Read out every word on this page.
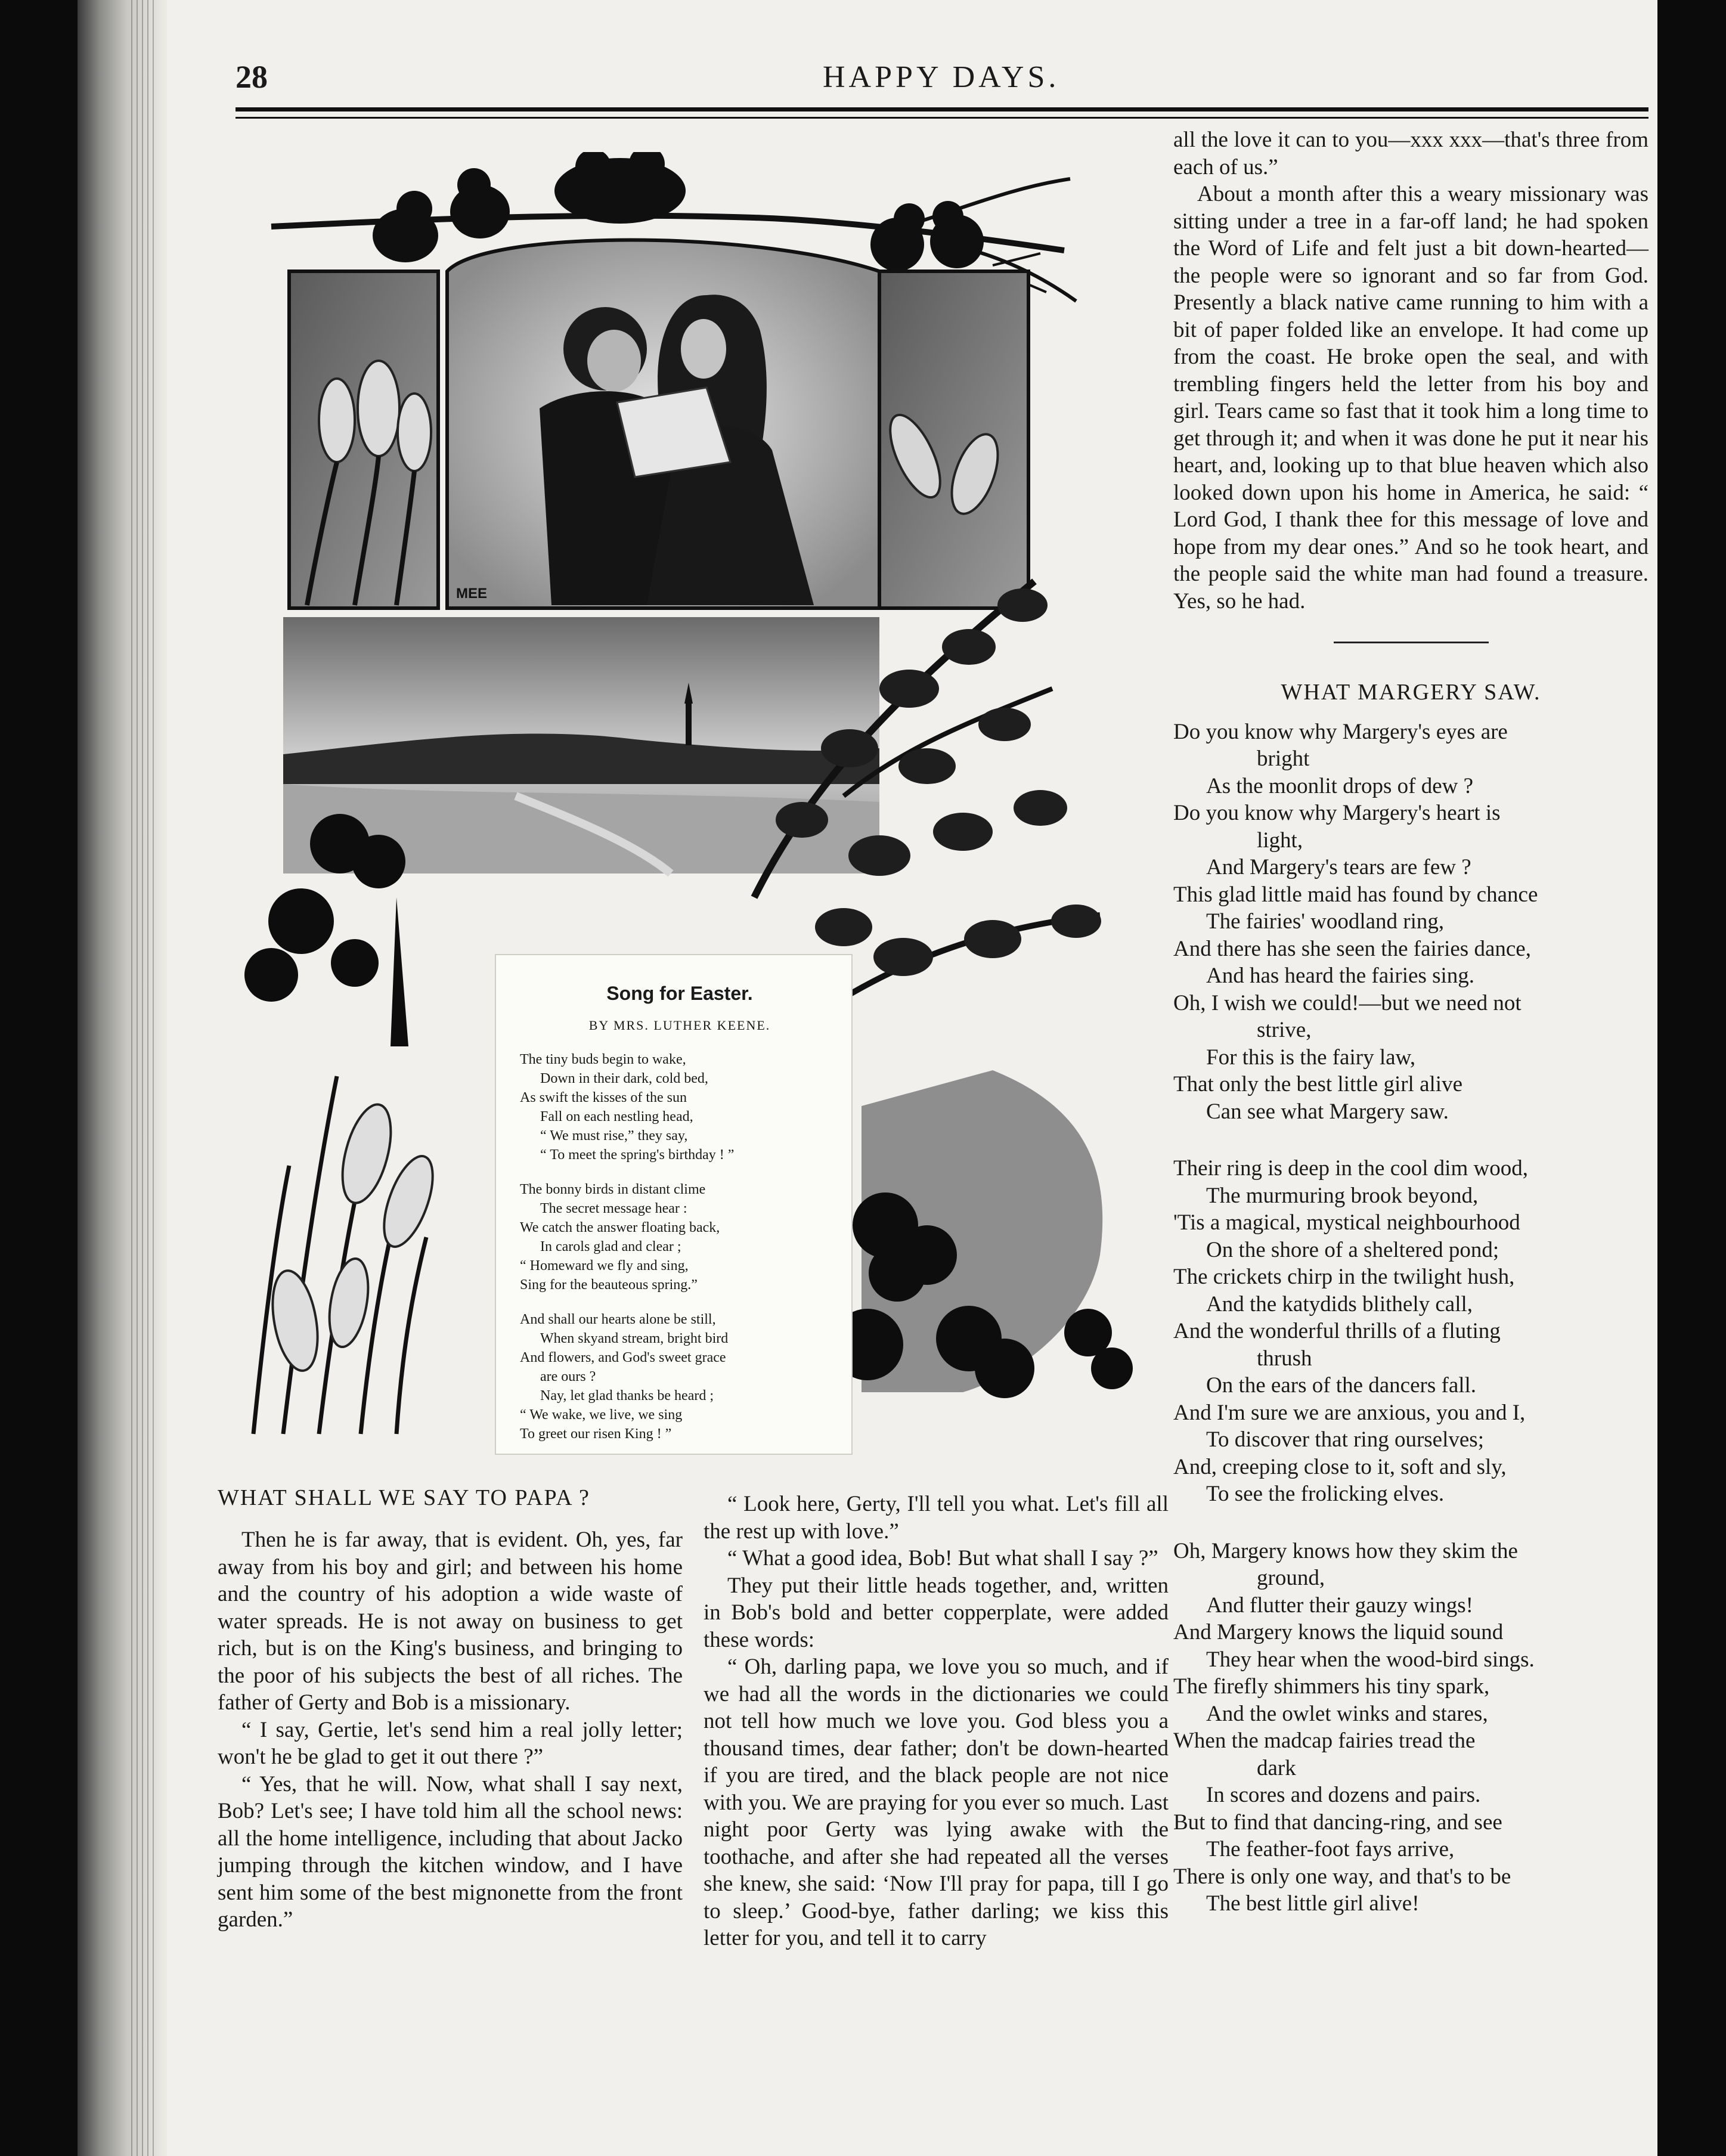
28	HAPPY DAYS.
MEE
Song for Easter.
BY MRS. LUTHER KEENE.
The tiny buds begin to wake,
Down in their dark, cold bed,
As swift the kisses of the sun
Fall on each nestling head,
“ We must rise,” they say,
“ To meet the spring's birthday ! ”
The bonny birds in distant clime
The secret message hear :
We catch the answer floating back,
In carols glad and clear ;
“ Homeward we fly and sing,
Sing for the beauteous spring.”
And shall our hearts alone be still,
When skyand stream, bright bird
And flowers, and God's sweet grace
are ours ?
Nay, let glad thanks be heard ;
“ We wake, we live, we sing
To greet our risen King ! ”
WHAT SHALL WE SAY TO PAPA ?

Then he is far away, that is evident. Oh, yes, far away from his boy and girl; and between his home and the country of his adoption a wide waste of water spreads. He is not away on business to get rich, but is on the King's business, and bringing to the poor of his subjects the best of all riches. The father of Gerty and Bob is a missionary.

“ I say, Gertie, let's send him a real jolly letter; won't he be glad to get it out there ?”

“ Yes, that he will. Now, what shall I say next, Bob? Let's see; I have told him all the school news: all the home intelligence, including that about Jacko jumping through the kitchen window, and I have sent him some of the best mignonette from the front garden.”

“ Look here, Gerty, I'll tell you what. Let's fill all the rest up with love.”

“ What a good idea, Bob! But what shall I say ?”

They put their little heads together, and, written in Bob's bold and better copperplate, were added these words:

“ Oh, darling papa, we love you so much, and if we had all the words in the dictionaries we could not tell how much we love you. God bless you a thousand times, dear father; don't be down-hearted if you are tired, and the black people are not nice with you. We are praying for you ever so much. Last night poor Gerty was lying awake with the toothache, and after she had repeated all the verses she knew, she said: ‘Now I'll pray for papa, till I go to sleep.’ Good-bye, father darling; we kiss this letter for you, and tell it to carry

all the love it can to you—xxx xxx—that's three from each of us.”

About a month after this a weary missionary was sitting under a tree in a far-off land; he had spoken the Word of Life and felt just a bit down-hearted—the people were so ignorant and so far from God. Presently a black native came running to him with a bit of paper folded like an envelope. It had come up from the coast. He broke open the seal, and with trembling fingers held the letter from his boy and girl. Tears came so fast that it took him a long time to get through it; and when it was done he put it near his heart, and, looking up to that blue heaven which also looked down upon his home in America, he said: “ Lord God, I thank thee for this message of love and hope from my dear ones.” And so he took heart, and the people said the white man had found a treasure. Yes, so he had.

WHAT MARGERY SAW.
Do you know why Margery's eyes are
bright
As the moonlit drops of dew ?
Do you know why Margery's heart is
light,
And Margery's tears are few ?
This glad little maid has found by chance
The fairies' woodland ring,
And there has she seen the fairies dance,
And has heard the fairies sing.
Oh, I wish we could!—but we need not
strive,
For this is the fairy law,
That only the best little girl alive
Can see what Margery saw.
Their ring is deep in the cool dim wood,
The murmuring brook beyond,
'Tis a magical, mystical neighbourhood
On the shore of a sheltered pond;
The crickets chirp in the twilight hush,
And the katydids blithely call,
And the wonderful thrills of a fluting
thrush
On the ears of the dancers fall.
And I'm sure we are anxious, you and I,
To discover that ring ourselves;
And, creeping close to it, soft and sly,
To see the frolicking elves.
Oh, Margery knows how they skim the
ground,
And flutter their gauzy wings!
And Margery knows the liquid sound
They hear when the wood-bird sings.
The firefly shimmers his tiny spark,
And the owlet winks and stares,
When the madcap fairies tread the
dark
In scores and dozens and pairs.
But to find that dancing-ring, and see
The feather-foot fays arrive,
There is only one way, and that's to be
The best little girl alive!
